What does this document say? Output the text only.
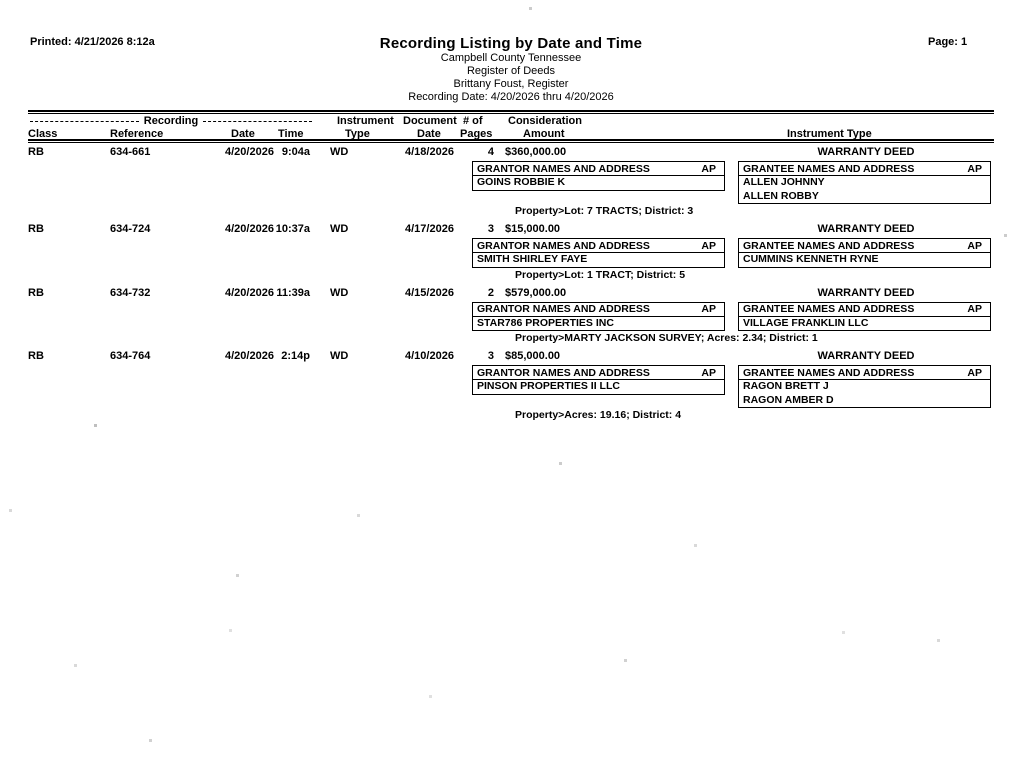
Printed: 4/21/2026 8:12a	Page: 1
Recording Listing by Date and Time
Campbell County Tennessee
Register of Deeds
Brittany Foust, Register
Recording Date: 4/20/2026 thru 4/20/2026
Recording	Instrument Document # of Consideration
Class	Reference	Date Time	Type	Date Pages	Amount	Instrument Type
RB	634-661	4/20/2026 9:04a WD	4/18/2026	4 $360,000.00	WARRANTY DEED
GRANTOR NAMES AND ADDRESS	AP
GOINS ROBBIE K
GRANTEE NAMES AND ADDRESS	AP
ALLEN JOHNNY
ALLEN ROBBY
Property>Lot: 7 TRACTS; District: 3
RB	634-724	4/20/2026 10:37a WD	4/17/2026	3 $15,000.00	WARRANTY DEED
GRANTOR NAMES AND ADDRESS	AP
SMITH SHIRLEY FAYE
GRANTEE NAMES AND ADDRESS	AP
CUMMINS KENNETH RYNE
Property>Lot: 1 TRACT; District: 5
RB	634-732	4/20/2026 11:39a WD	4/15/2026	2 $579,000.00	WARRANTY DEED
GRANTOR NAMES AND ADDRESS	AP
STAR786 PROPERTIES INC
GRANTEE NAMES AND ADDRESS	AP
VILLAGE FRANKLIN LLC
Property>MARTY JACKSON SURVEY; Acres: 2.34; District: 1
RB	634-764	4/20/2026 2:14p WD	4/10/2026	3 $85,000.00	WARRANTY DEED
GRANTOR NAMES AND ADDRESS	AP
PINSON PROPERTIES II LLC
GRANTEE NAMES AND ADDRESS	AP
RAGON BRETT J
RAGON AMBER D
Property>Acres: 19.16; District: 4
